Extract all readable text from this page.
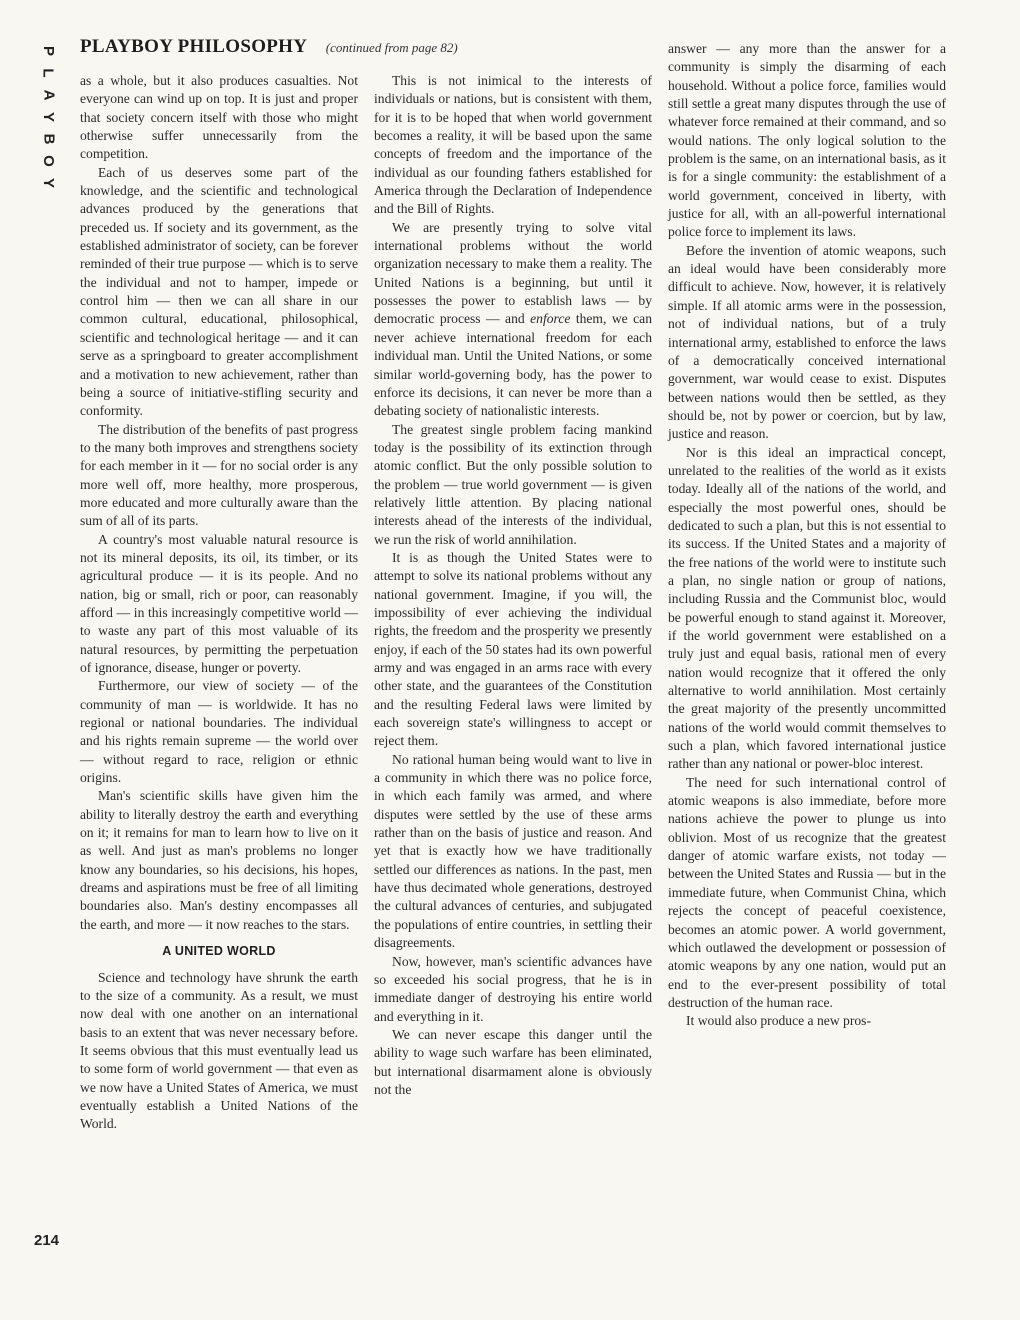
P
L
A
Y
B
O
Y
PLAYBOY PHILOSOPHY (continued from page 82)

as a whole, but it also produces casualties. Not everyone can wind up on top. It is just and proper that society concern itself with those who might otherwise suffer unnecessarily from the competition.

Each of us deserves some part of the knowledge, and the scientific and technological advances produced by the generations that preceded us. If society and its government, as the established administrator of society, can be forever reminded of their true purpose — which is to serve the individual and not to hamper, impede or control him — then we can all share in our common cultural, educational, philosophical, scientific and technological heritage — and it can serve as a springboard to greater accomplishment and a motivation to new achievement, rather than being a source of initiative-stifling security and conformity.

The distribution of the benefits of past progress to the many both improves and strengthens society for each member in it — for no social order is any more well off, more healthy, more prosperous, more educated and more culturally aware than the sum of all of its parts.

A country's most valuable natural resource is not its mineral deposits, its oil, its timber, or its agricultural produce — it is its people. And no nation, big or small, rich or poor, can reasonably afford — in this increasingly competitive world — to waste any part of this most valuable of its natural resources, by permitting the perpetuation of ignorance, disease, hunger or poverty.

Furthermore, our view of society — of the community of man — is worldwide. It has no regional or national boundaries. The individual and his rights remain supreme — the world over — without regard to race, religion or ethnic origins.

Man's scientific skills have given him the ability to literally destroy the earth and everything on it; it remains for man to learn how to live on it as well. And just as man's problems no longer know any boundaries, so his decisions, his hopes, dreams and aspirations must be free of all limiting boundaries also. Man's destiny encompasses all the earth, and more — it now reaches to the stars.

A UNITED WORLD

Science and technology have shrunk the earth to the size of a community. As a result, we must now deal with one another on an international basis to an extent that was never necessary before. It seems obvious that this must eventually lead us to some form of world government — that even as we now have a United States of America, we must eventually establish a United Nations of the World.

This is not inimical to the interests of individuals or nations, but is consistent with them, for it is to be hoped that when world government becomes a reality, it will be based upon the same concepts of freedom and the importance of the individual as our founding fathers established for America through the Declaration of Independence and the Bill of Rights.

We are presently trying to solve vital international problems without the world organization necessary to make them a reality. The United Nations is a beginning, but until it possesses the power to establish laws — by democratic process — and enforce them, we can never achieve international freedom for each individual man. Until the United Nations, or some similar world-governing body, has the power to enforce its decisions, it can never be more than a debating society of nationalistic interests.

The greatest single problem facing mankind today is the possibility of its extinction through atomic conflict. But the only possible solution to the problem — true world government — is given relatively little attention. By placing national interests ahead of the interests of the individual, we run the risk of world annihilation.

It is as though the United States were to attempt to solve its national problems without any national government. Imagine, if you will, the impossibility of ever achieving the individual rights, the freedom and the prosperity we presently enjoy, if each of the 50 states had its own powerful army and was engaged in an arms race with every other state, and the guarantees of the Constitution and the resulting Federal laws were limited by each sovereign state's willingness to accept or reject them.

No rational human being would want to live in a community in which there was no police force, in which each family was armed, and where disputes were settled by the use of these arms rather than on the basis of justice and reason. And yet that is exactly how we have traditionally settled our differences as nations. In the past, men have thus decimated whole generations, destroyed the cultural advances of centuries, and subjugated the populations of entire countries, in settling their disagreements.

Now, however, man's scientific advances have so exceeded his social progress, that he is in immediate danger of destroying his entire world and everything in it.

We can never escape this danger until the ability to wage such warfare has been eliminated, but international disarmament alone is obviously not the

answer — any more than the answer for a community is simply the disarming of each household. Without a police force, families would still settle a great many disputes through the use of whatever force remained at their command, and so would nations. The only logical solution to the problem is the same, on an international basis, as it is for a single community: the establishment of a world government, conceived in liberty, with justice for all, with an all-powerful international police force to implement its laws.

Before the invention of atomic weapons, such an ideal would have been considerably more difficult to achieve. Now, however, it is relatively simple. If all atomic arms were in the possession, not of individual nations, but of a truly international army, established to enforce the laws of a democratically conceived international government, war would cease to exist. Disputes between nations would then be settled, as they should be, not by power or coercion, but by law, justice and reason.

Nor is this ideal an impractical concept, unrelated to the realities of the world as it exists today. Ideally all of the nations of the world, and especially the most powerful ones, should be dedicated to such a plan, but this is not essential to its success. If the United States and a majority of the free nations of the world were to institute such a plan, no single nation or group of nations, including Russia and the Communist bloc, would be powerful enough to stand against it. Moreover, if the world government were established on a truly just and equal basis, rational men of every nation would recognize that it offered the only alternative to world annihilation. Most certainly the great majority of the presently uncommitted nations of the world would commit themselves to such a plan, which favored international justice rather than any national or power-bloc interest.

The need for such international control of atomic weapons is also immediate, before more nations achieve the power to plunge us into oblivion. Most of us recognize that the greatest danger of atomic warfare exists, not today — between the United States and Russia — but in the immediate future, when Communist China, which rejects the concept of peaceful coexistence, becomes an atomic power. A world government, which outlawed the development or possession of atomic weapons by any one nation, would put an end to the ever-present possibility of total destruction of the human race.

It would also produce a new pros-

214
